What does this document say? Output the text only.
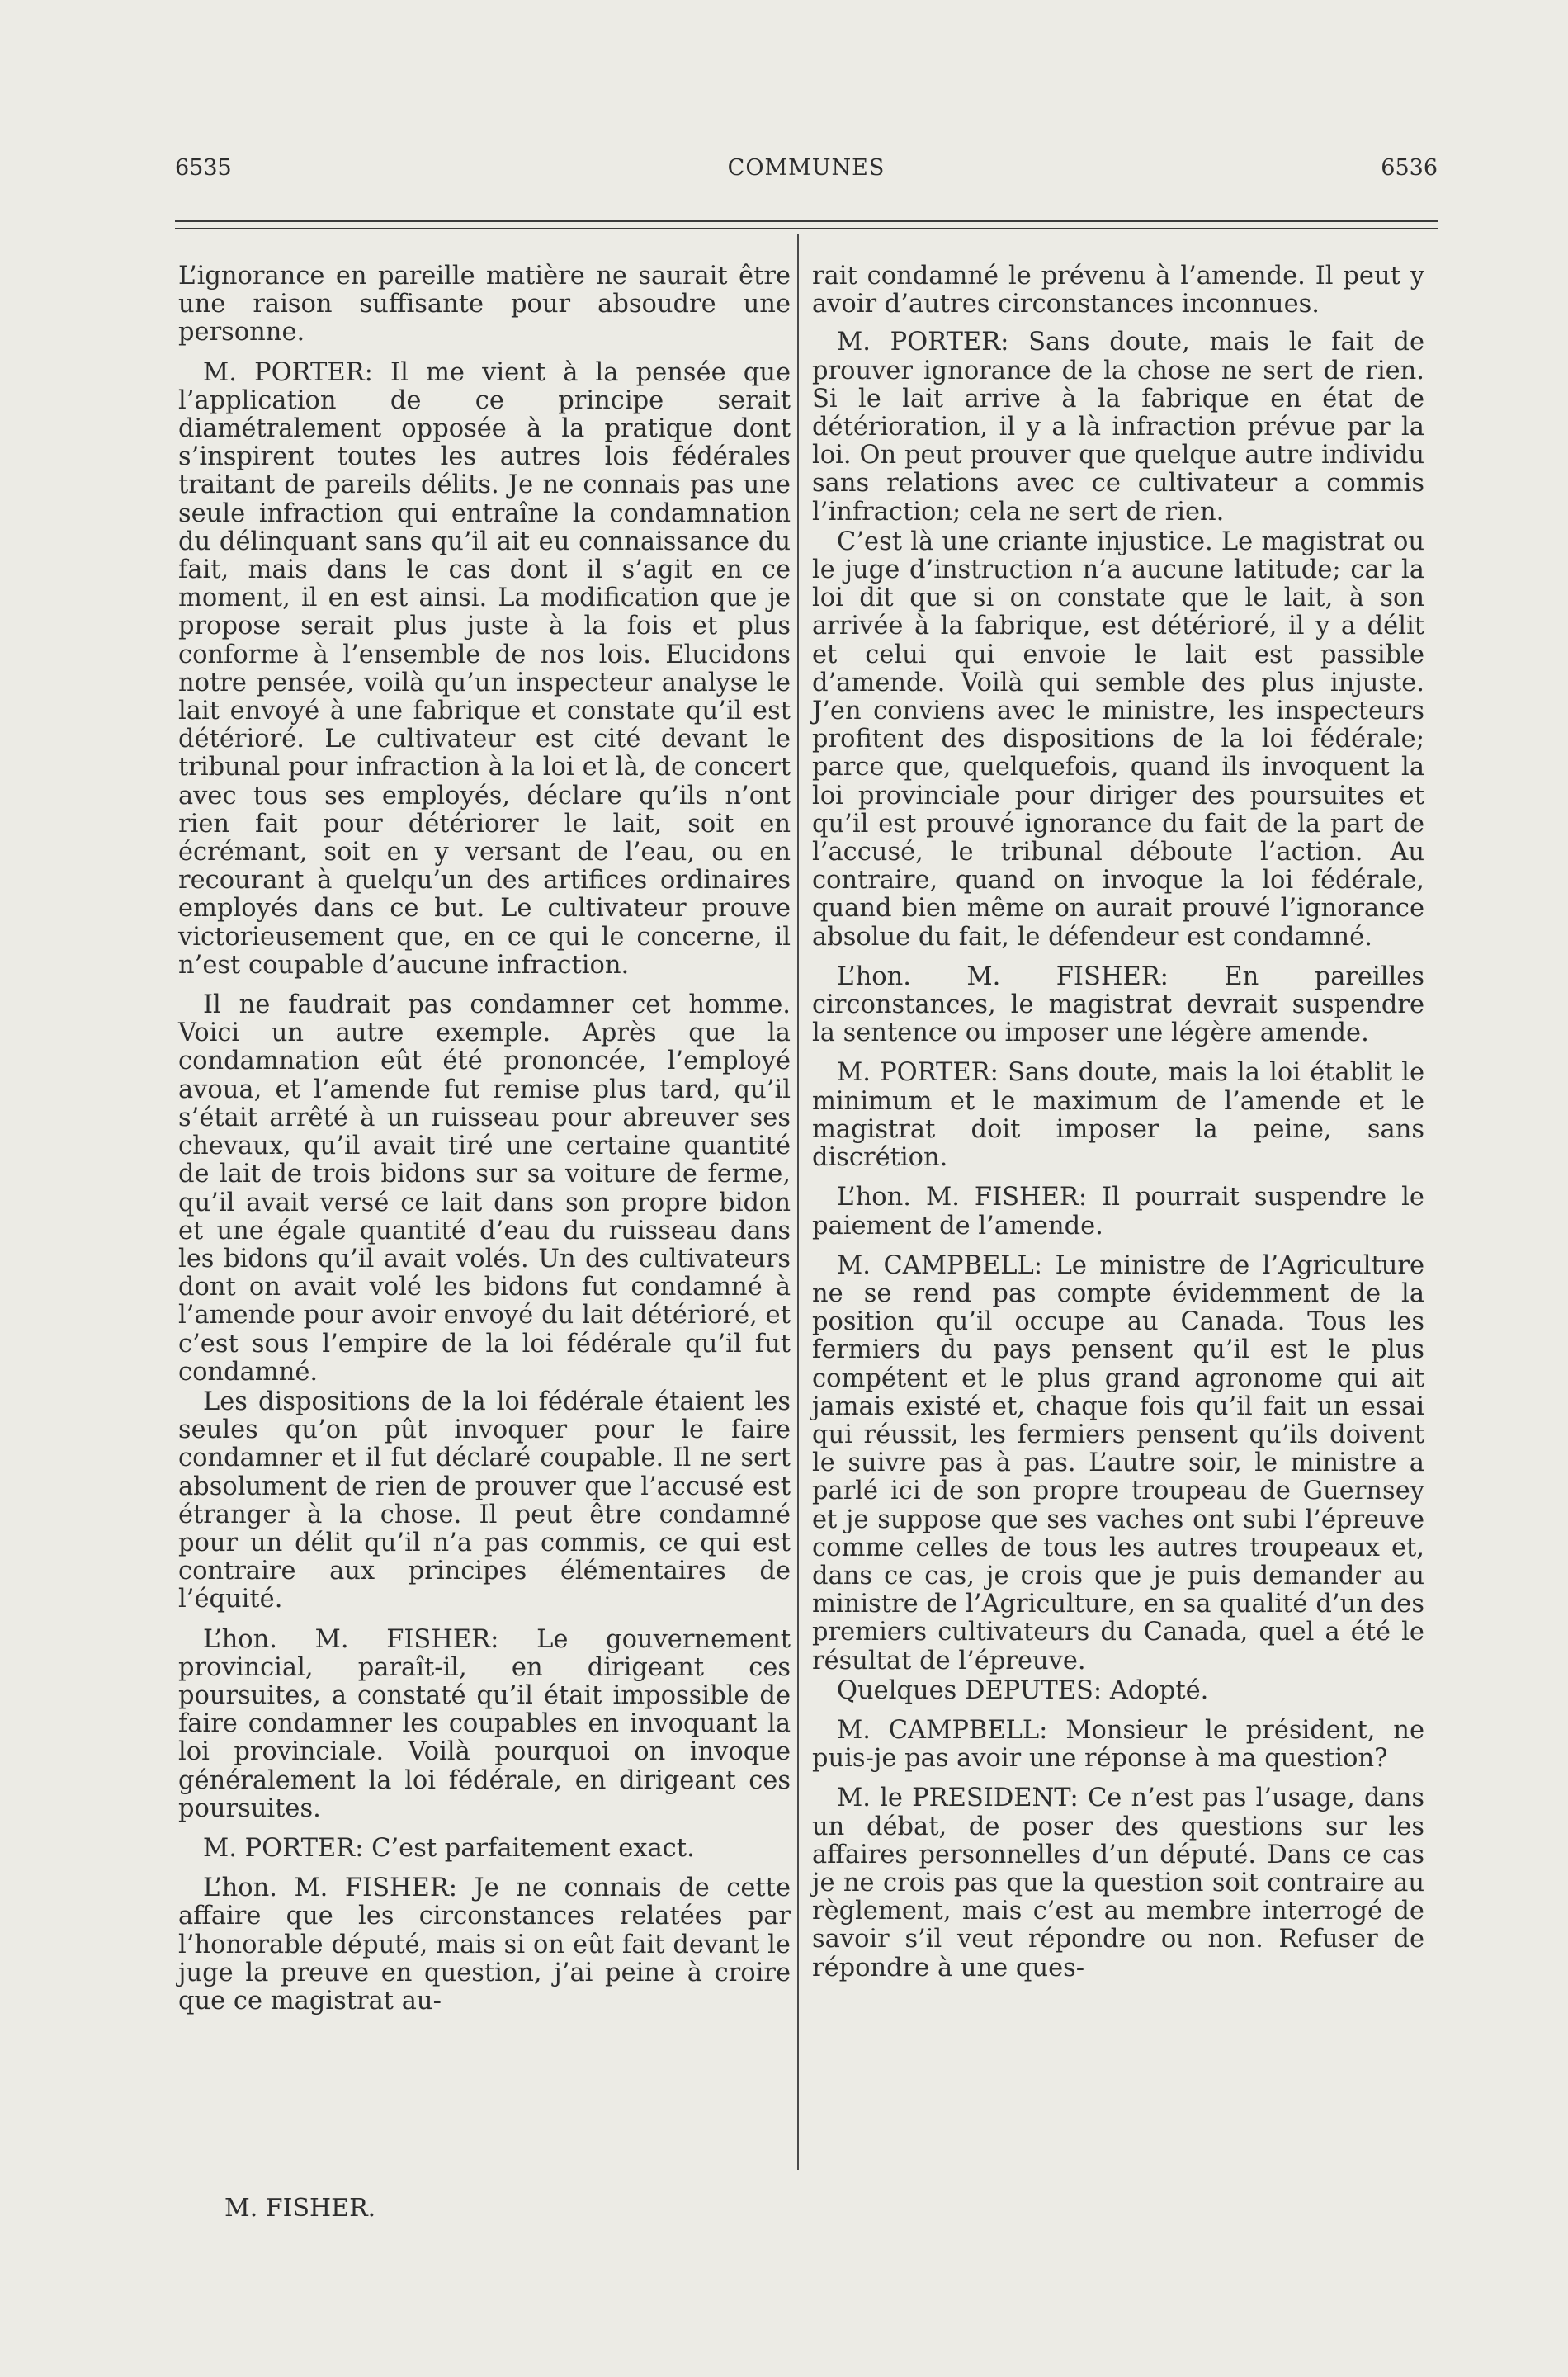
6535	COMMUNES	6536

L’ignorance en pareille matière ne saurait être une raison suffisante pour absoudre une personne.

M. PORTER: Il me vient à la pensée que l’application de ce principe serait diamétralement opposée à la pratique dont s’inspirent toutes les autres lois fédérales traitant de pareils délits. Je ne connais pas une seule infraction qui entraîne la condamnation du délinquant sans qu’il ait eu connaissance du fait, mais dans le cas dont il s’agit en ce moment, il en est ainsi. La modification que je propose serait plus juste à la fois et plus conforme à l’ensemble de nos lois. Elucidons notre pensée, voilà qu’un inspecteur analyse le lait envoyé à une fabrique et constate qu’il est détérioré. Le cultivateur est cité devant le tribunal pour infraction à la loi et là, de concert avec tous ses employés, déclare qu’ils n’ont rien fait pour détériorer le lait, soit en écrémant, soit en y versant de l’eau, ou en recourant à quelqu’un des artifices ordinaires employés dans ce but. Le cultivateur prouve victorieusement que, en ce qui le concerne, il n’est coupable d’aucune infraction.

Il ne faudrait pas condamner cet homme. Voici un autre exemple. Après que la condamnation eût été prononcée, l’employé avoua, et l’amende fut remise plus tard, qu’il s’était arrêté à un ruisseau pour abreuver ses chevaux, qu’il avait tiré une certaine quantité de lait de trois bidons sur sa voiture de ferme, qu’il avait versé ce lait dans son propre bidon et une égale quantité d’eau du ruisseau dans les bidons qu’il avait volés. Un des cultivateurs dont on avait volé les bidons fut condamné à l’amende pour avoir envoyé du lait détérioré, et c’est sous l’empire de la loi fédérale qu’il fut condamné.

Les dispositions de la loi fédérale étaient les seules qu’on pût invoquer pour le faire condamner et il fut déclaré coupable. Il ne sert absolument de rien de prouver que l’accusé est étranger à la chose. Il peut être condamné pour un délit qu’il n’a pas commis, ce qui est contraire aux principes élémentaires de l’équité.

L’hon. M. FISHER: Le gouvernement provincial, paraît-il, en dirigeant ces poursuites, a constaté qu’il était impossible de faire condamner les coupables en invoquant la loi provinciale. Voilà pourquoi on invoque généralement la loi fédérale, en dirigeant ces poursuites.

M. PORTER: C’est parfaitement exact.

L’hon. M. FISHER: Je ne connais de cette affaire que les circonstances relatées par l’honorable député, mais si on eût fait devant le juge la preuve en question, j’ai peine à croire que ce magistrat au-

rait condamné le prévenu à l’amende. Il peut y avoir d’autres circonstances inconnues.

M. PORTER: Sans doute, mais le fait de prouver ignorance de la chose ne sert de rien. Si le lait arrive à la fabrique en état de détérioration, il y a là infraction prévue par la loi. On peut prouver que quelque autre individu sans relations avec ce cultivateur a commis l’infraction; cela ne sert de rien.

C’est là une criante injustice. Le magistrat ou le juge d’instruction n’a aucune latitude; car la loi dit que si on constate que le lait, à son arrivée à la fabrique, est détérioré, il y a délit et celui qui envoie le lait est passible d’amende. Voilà qui semble des plus injuste. J’en conviens avec le ministre, les inspecteurs profitent des dispositions de la loi fédérale; parce que, quelquefois, quand ils invoquent la loi provinciale pour diriger des poursuites et qu’il est prouvé ignorance du fait de la part de l’accusé, le tribunal déboute l’action. Au contraire, quand on invoque la loi fédérale, quand bien même on aurait prouvé l’ignorance absolue du fait, le défendeur est condamné.

L’hon. M. FISHER: En pareilles circonstances, le magistrat devrait suspendre la sentence ou imposer une légère amende.

M. PORTER: Sans doute, mais la loi établit le minimum et le maximum de l’amende et le magistrat doit imposer la peine, sans discrétion.

L’hon. M. FISHER: Il pourrait suspendre le paiement de l’amende.

M. CAMPBELL: Le ministre de l’Agriculture ne se rend pas compte évidemment de la position qu’il occupe au Canada. Tous les fermiers du pays pensent qu’il est le plus compétent et le plus grand agronome qui ait jamais existé et, chaque fois qu’il fait un essai qui réussit, les fermiers pensent qu’ils doivent le suivre pas à pas. L’autre soir, le ministre a parlé ici de son propre troupeau de Guernsey et je suppose que ses vaches ont subi l’épreuve comme celles de tous les autres troupeaux et, dans ce cas, je crois que je puis demander au ministre de l’Agriculture, en sa qualité d’un des premiers cultivateurs du Canada, quel a été le résultat de l’épreuve.

Quelques DEPUTES: Adopté.

M. CAMPBELL: Monsieur le président, ne puis-je pas avoir une réponse à ma question?

M. le PRESIDENT: Ce n’est pas l’usage, dans un débat, de poser des questions sur les affaires personnelles d’un député. Dans ce cas je ne crois pas que la question soit contraire au règlement, mais c’est au membre interrogé de savoir s’il veut répondre ou non. Refuser de répondre à une ques-

M. FISHER.
